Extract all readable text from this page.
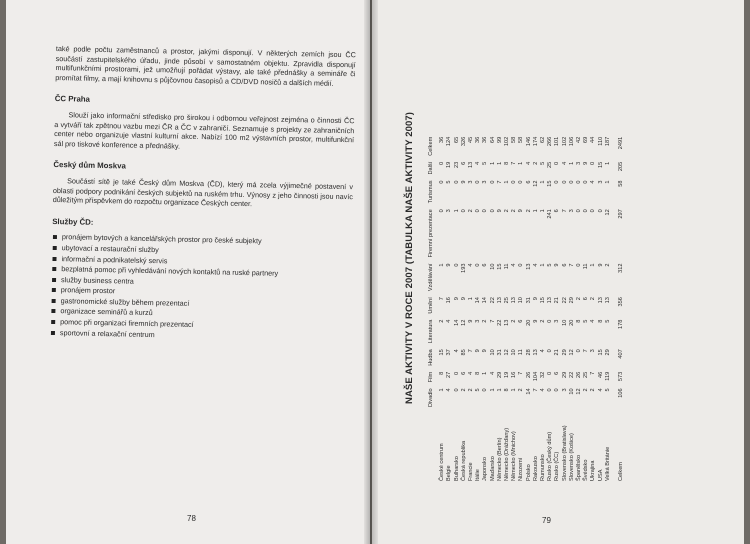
také podle počtu zaměstnanců a prostor, jakými disponují. V některých zemích jsou ČC součástí zastupitelského úřadu, jinde působí v samostatném objektu. Zpravidla disponují multifunkčními prostorami, jež umožňují pořádat výstavy, ale také přednášky a semináře či promítat filmy, a mají knihovnu s půjčovnou časopisů a CD/DVD nosičů a dalších médií.

ČC Praha

Slouží jako informační středisko pro širokou i odbornou veřejnost zejména o činnosti ČC a vytváří tak zpětnou vazbu mezi ČR a ČC v zahraničí. Seznamuje s projekty ze zahraničních center nebo organizuje vlastní kulturní akce. Nabízí 100 m2 výstavních prostor, multifunkční sál pro tiskové konference a přednášky.

Český dům Moskva

Součástí sítě je také Český dům Moskva (ČD), který má zcela výjimečné postavení v oblasti podpory podnikání českých subjektů na ruském trhu. Výnosy z jeho činnosti jsou navíc důležitým příspěvkem do rozpočtu organizace Českých center.

Služby ČD:
pronájem bytových a kancelářských prostor pro české subjekty
ubytovací a restaurační služby
informační a podnikatelský servis
bezplatná pomoc při vyhledávání nových kontaktů na ruské partnery
služby business centra
pronájem prostor
gastronomické služby během prezentací
organizace seminářů a kurzů
pomoc při organizaci firemních prezentací
sportovní a relaxační centrum
78
NAŠE AKTIVITY V ROCE 2007 (TABULKA NAŠE AKTIVITY 2007)
	Divadlo	Film	Hudba	Literatura	Umění	Vzdělávání	Firemní prezentace	Turismus	Další	Celkem
České centrum	1	8	15	2	7	1	0	0	0	36
Belgie	4	27	37	4	16	9	3	5	19	124
Bulharsko	0	0	4	14	9	0	1	0	23	65
Česká republika	2	6	85	12	9	193	0	9	6	326
Francie	2	4	7	9	1	4	2	3	13	45
Itálie	5	8	9	3	14	0	0	0	4	36
Japonsko	0	1	9	2	14	6	0	3	5	36
Maďarsko	1	4	10	7	22	10	0	0	1	64
Německo (Berlín)	1	29	31	22	13	15	9	7	1	99
Německo (Drážďany)	8	19	12	13	25	11	2	1	8	102
Německo (Mnichov)	1	16	10	2	13	4	2	0	7	58
Nizozemí	2	7	11	6	10	0	9	0	1	58
Polsko	14	26	28	20	31	13	2	6	4	146
Rakousko	7	104	13	9	9	4	1	12	2	174
Rumunsko	4	32	4	2	15	1	1	1	5	62
Rusko (Český dům)	0	0	0	0	13	5	241	15	25	266
Rusko (ČC)	0	6	21	3	21	9	6	0	0	101
Slovensko (Bratislava)	3	29	29	10	22	6	7	0	4	102
Slovensko (Košice)	10	22	12	20	29	7	3	0	1	106
Španělsko	12	26	0	8	2	0	0	0	3	42
Švédsko	2	25	7	5	6	11	0	0	9	69
Ukrajina	2	7	3	4	2	1	0	4	0	44
USA	4	46	15	8	13	9	0	3	15	110
Velká Británie	5	119	29	5	13	2	12	1	1	187
Celkem	106	573	407	178	356	312	297	58	205	2491
79
